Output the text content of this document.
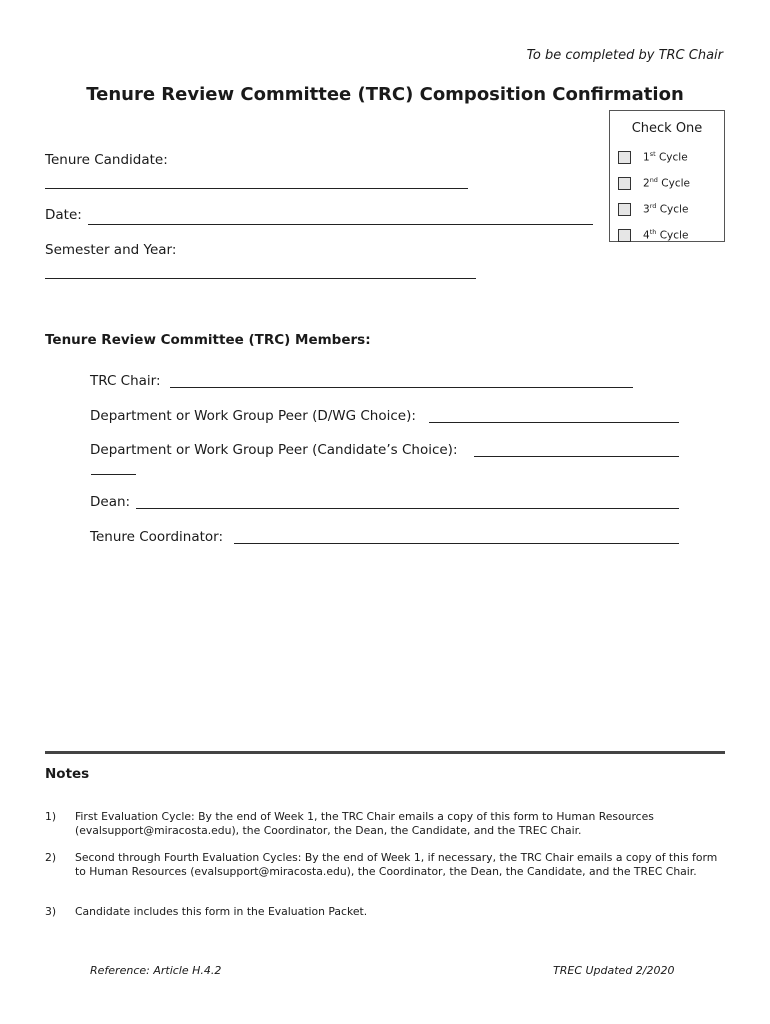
To be completed by TRC Chair
Tenure Review Committee (TRC) Composition Confirmation
Tenure Candidate:
Date:
Semester and Year:
Check One
1st Cycle
2nd Cycle
3rd Cycle
4th Cycle
Tenure Review Committee (TRC) Members:
TRC Chair:
Department or Work Group Peer (D/WG Choice):
Department or Work Group Peer (Candidate’s Choice):
Dean:
Tenure Coordinator:
Notes
1) First Evaluation Cycle: By the end of Week 1, the TRC Chair emails a copy of this form to Human Resources (evalsupport@miracosta.edu), the Coordinator, the Dean, the Candidate, and the TREC Chair.
2) Second through Fourth Evaluation Cycles: By the end of Week 1, if necessary, the TRC Chair emails a copy of this form to Human Resources (evalsupport@miracosta.edu), the Coordinator, the Dean, the Candidate, and the TREC Chair.
3) Candidate includes this form in the Evaluation Packet.
Reference: Article H.4.2	TREC Updated 2/2020
